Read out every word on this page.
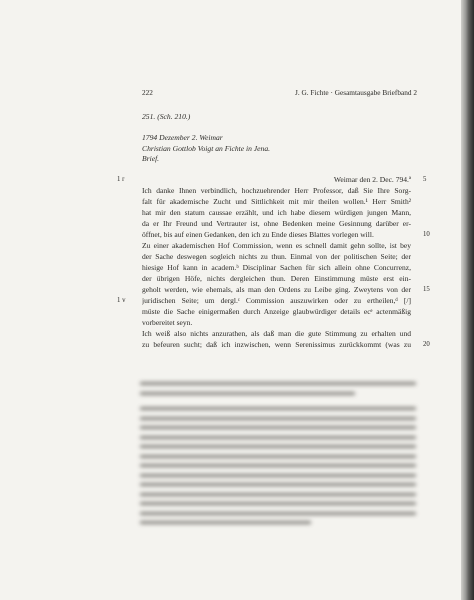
222	J. G. Fichte · Gesamtausgabe Briefband 2
251. (Sch. 210.)
1794 Dezember 2. Weimar
Christian Gottlob Voigt an Fichte in Jena.
Brief.
1 r
1 v
Weimar den 2. Dec. 794.ª
Ich danke Ihnen verbindlich, hochzuehrender Herr Professor, daß Sie Ihre Sorg-
falt für akademische Zucht und Sittlichkeit mit mir theilen wollen.¹ Herr Smith²
hat mir den statum caussae erzählt, und ich habe diesem würdigen jungen Mann,
da er Ihr Freund und Vertrauter ist, ohne Bedenken meine Gesinnung darüber er-
öffnet, bis auf einen Gedanken, den ich zu Ende dieses Blattes vorlegen will.
Zu einer akademischen Hof Commission, wenn es schnell damit gehn sollte, ist bey
der Sache deswegen sogleich nichts zu thun. Einmal von der politischen Seite; der
hiesige Hof kann in academ.ᵇ Disciplinar Sachen für sich allein ohne Concurrenz,
der übrigen Höfe, nichts dergleichen thun. Deren Einstimmung müste erst ein-
geholt werden, wie ehemals, als man den Ordens zu Leibe ging. Zweytens von der
juridischen Seite; um dergl.ᶜ Commission auszuwirken oder zu ertheilen,ᵈ [/]
müste die Sache einigermaßen durch Anzeige glaubwürdiger details ecᵉ actenmäßig
vorbereitet seyn.
Ich weiß also nichts anzurathen, als daß man die gute Stimmung zu erhalten und
zu befeuren sucht; daß ich inzwischen, wenn Serenissimus zurückkommt (was zu
5
10
15
20
